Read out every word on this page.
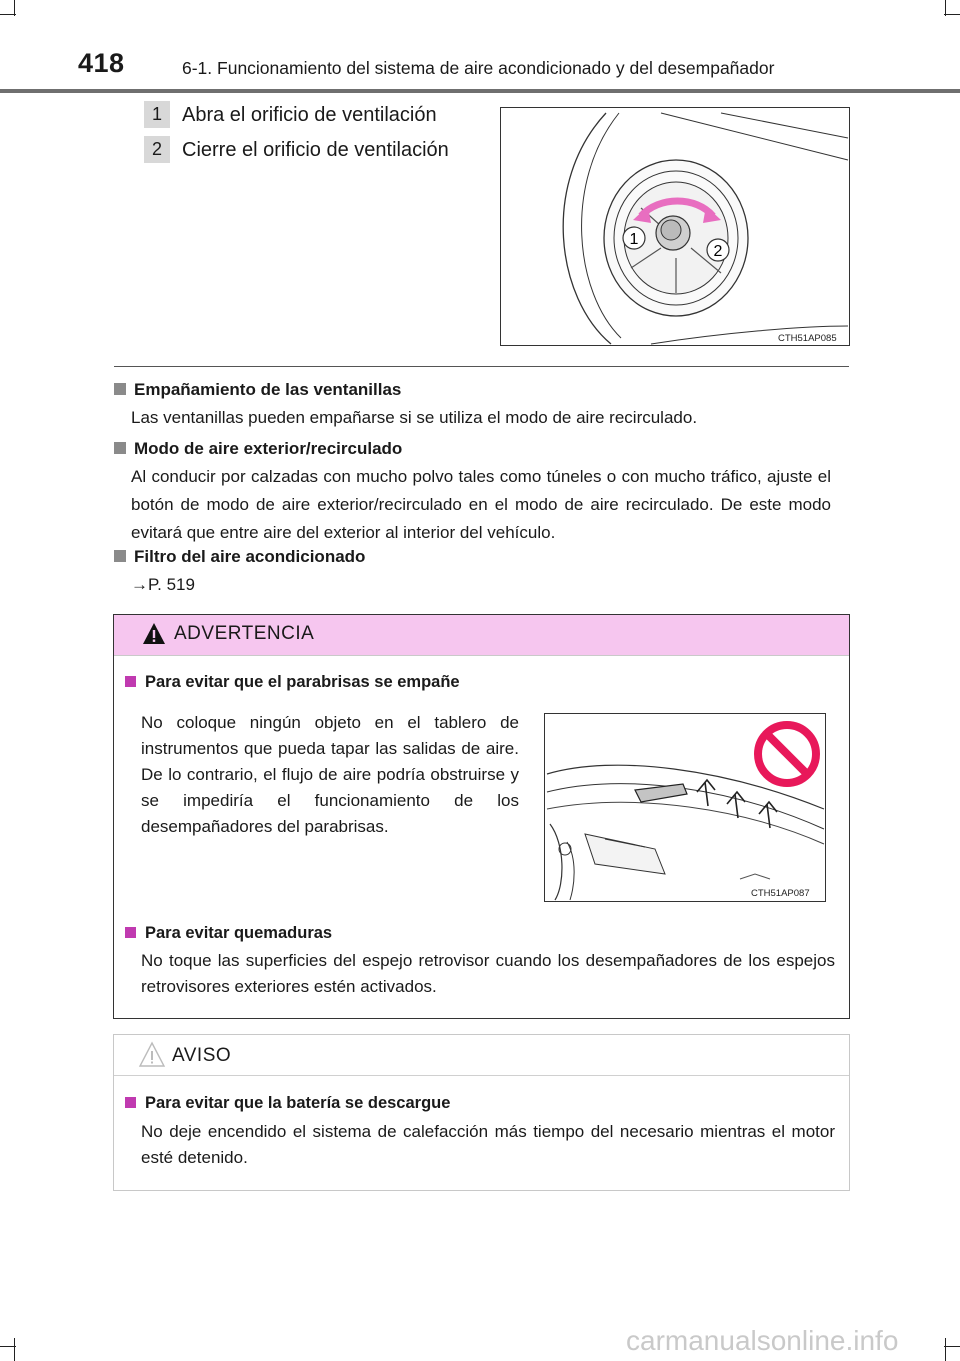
418	6-1. Funcionamiento del sistema de aire acondicionado y del desempañador
1	Abra el orificio de ventilación
2	Cierre el orificio de ventilación
1
2
CTH51AP085
Empañamiento de las ventanillas
Las ventanillas pueden empañarse si se utiliza el modo de aire recirculado.
Modo de aire exterior/recirculado
Al conducir por calzadas con mucho polvo tales como túneles o con mucho tráfico, ajuste el botón de modo de aire exterior/recirculado en el modo de aire recirculado. De este modo evitará que entre aire del exterior al interior del vehículo.
Filtro del aire acondicionado
→P. 519
ADVERTENCIA
Para evitar que el parabrisas se empañe
No coloque ningún objeto en el tablero de instrumentos que pueda tapar las salidas de aire. De lo contrario, el flujo de aire podría obstruirse y se impediría el funcionamiento de los desempañadores del parabrisas.
CTH51AP087
Para evitar quemaduras
No toque las superficies del espejo retrovisor cuando los desempañadores de los espejos retrovisores exteriores estén activados.
AVISO
Para evitar que la batería se descargue
No deje encendido el sistema de calefacción más tiempo del necesario mientras el motor esté detenido.
carmanualsonline.info
